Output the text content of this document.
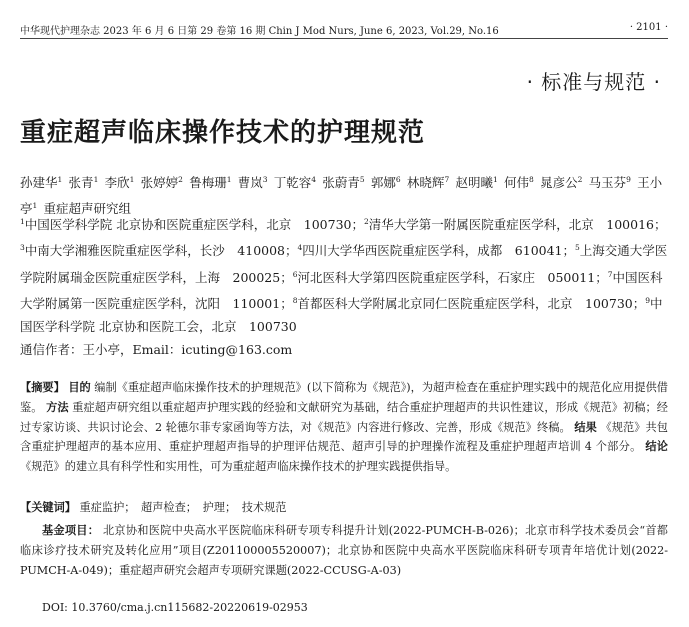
中华现代护理杂志 2023 年 6 月 6 日第 29 卷第 16 期 Chin J Mod Nurs, June 6, 2023, Vol.29, No.16	· 2101 ·
· 标准与规范 ·
重症超声临床操作技术的护理规范
孙建华$^1$  张青$^1$  李欣$^1$  张婷婷$^2$  鲁梅珊$^1$  曹岚$^3$  丁乾容$^4$  张蔚青$^5$  郭娜$^6$  林晓辉$^7$  赵明曦$^1$  何伟$^8$  晁彦公$^2$  马玉芬$^9$  王小亭$^1$  重症超声研究组
$^1$中国医学科学院 北京协和医院重症医学科，北京　100730；$^2$清华大学第一附属医院重症医学科，北京　100016；$^3$中南大学湘雅医院重症医学科，长沙　410008；$^4$四川大学华西医院重症医学科，成都　610041；$^5$上海交通大学医学院附属瑞金医院重症医学科，上海　200025；$^6$河北医科大学第四医院重症医学科，石家庄　050011；$^7$中国医科大学附属第一医院重症医学科，沈阳　110001；$^8$首都医科大学附属北京同仁医院重症医学科，北京　100730；$^9$中国医学科学院 北京协和医院工会，北京　100730
通信作者：王小亭，Email：icuting@163.com
【摘要】 目的 编制《重症超声临床操作技术的护理规范》(以下简称为《规范》)，为超声检查在重症护理实践中的规范化应用提供借鉴。 方法 重症超声研究组以重症超声护理实践的经验和文献研究为基础，结合重症护理超声的共识性建议，形成《规范》初稿；经过专家访谈、共识讨论会、2 轮德尔菲专家函询等方法，对《规范》内容进行修改、完善，形成《规范》终稿。 结果 《规范》共包含重症护理超声的基本应用、重症护理超声指导的护理评估规范、超声引导的护理操作流程及重症护理超声培训 4 个部分。 结论 《规范》的建立具有科学性和实用性，可为重症超声临床操作技术的护理实践提供指导。
【关键词】 重症监护；　超声检查；　护理；　技术规范
基金项目： 北京协和医院中央高水平医院临床科研专项专科提升计划(2022-PUMCH-B-026)；北京市科学技术委员会“首都临床诊疗技术研究及转化应用”项目(Z201100005520007)；北京协和医院中央高水平医院临床科研专项青年培优计划(2022-PUMCH-A-049)；重症超声研究会超声专项研究课题(2022-CCUSG-A-03)
DOI: 10.3760/cma.j.cn115682-20220619-02953
